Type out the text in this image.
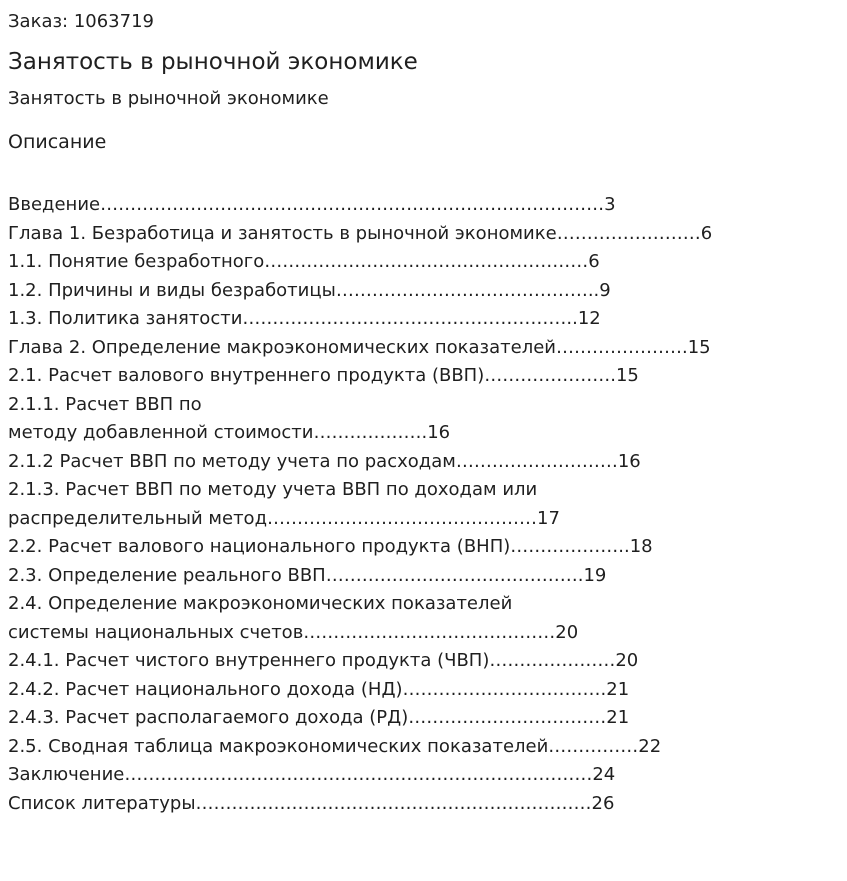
Заказ: 1063719

Занятость в рыночной экономике

Занятость в рыночной экономике

Описание
Введение…………………………………………………………………………3
Глава 1. Безработица и занятость в рыночной экономике……………………6
1.1. Понятие безработного………………………………………………6
1.2. Причины и виды безработицы……………………………………..9
1.3. Политика занятости………………………………………………..12
Глава 2. Определение макроэкономических показателей………………….15
2.1. Расчет валового внутреннего продукта (ВВП)………………….15
2.1.1. Расчет ВВП по
методу добавленной стоимости……………….16
2.1.2 Расчет ВВП по методу учета по расходам………………………16
2.1.3. Расчет ВВП по методу учета ВВП по доходам или
распределительный метод………………………………………17
2.2. Расчет валового национального продукта (ВНП)………………..18
2.3. Определение реального ВВП…………………………………….19
2.4. Определение макроэкономических показателей
системы национальных счетов……………………………………20
2.4.1. Расчет чистого внутреннего продукта (ЧВП)…………………20
2.4.2. Расчет национального дохода (НД)…………………………….21
2.4.3. Расчет располагаемого дохода (РД)……………………………21
2.5. Сводная таблица макроэкономических показателей……………22
Заключение……………………………………………………………………24
Список литературы…………………………………………………………26
